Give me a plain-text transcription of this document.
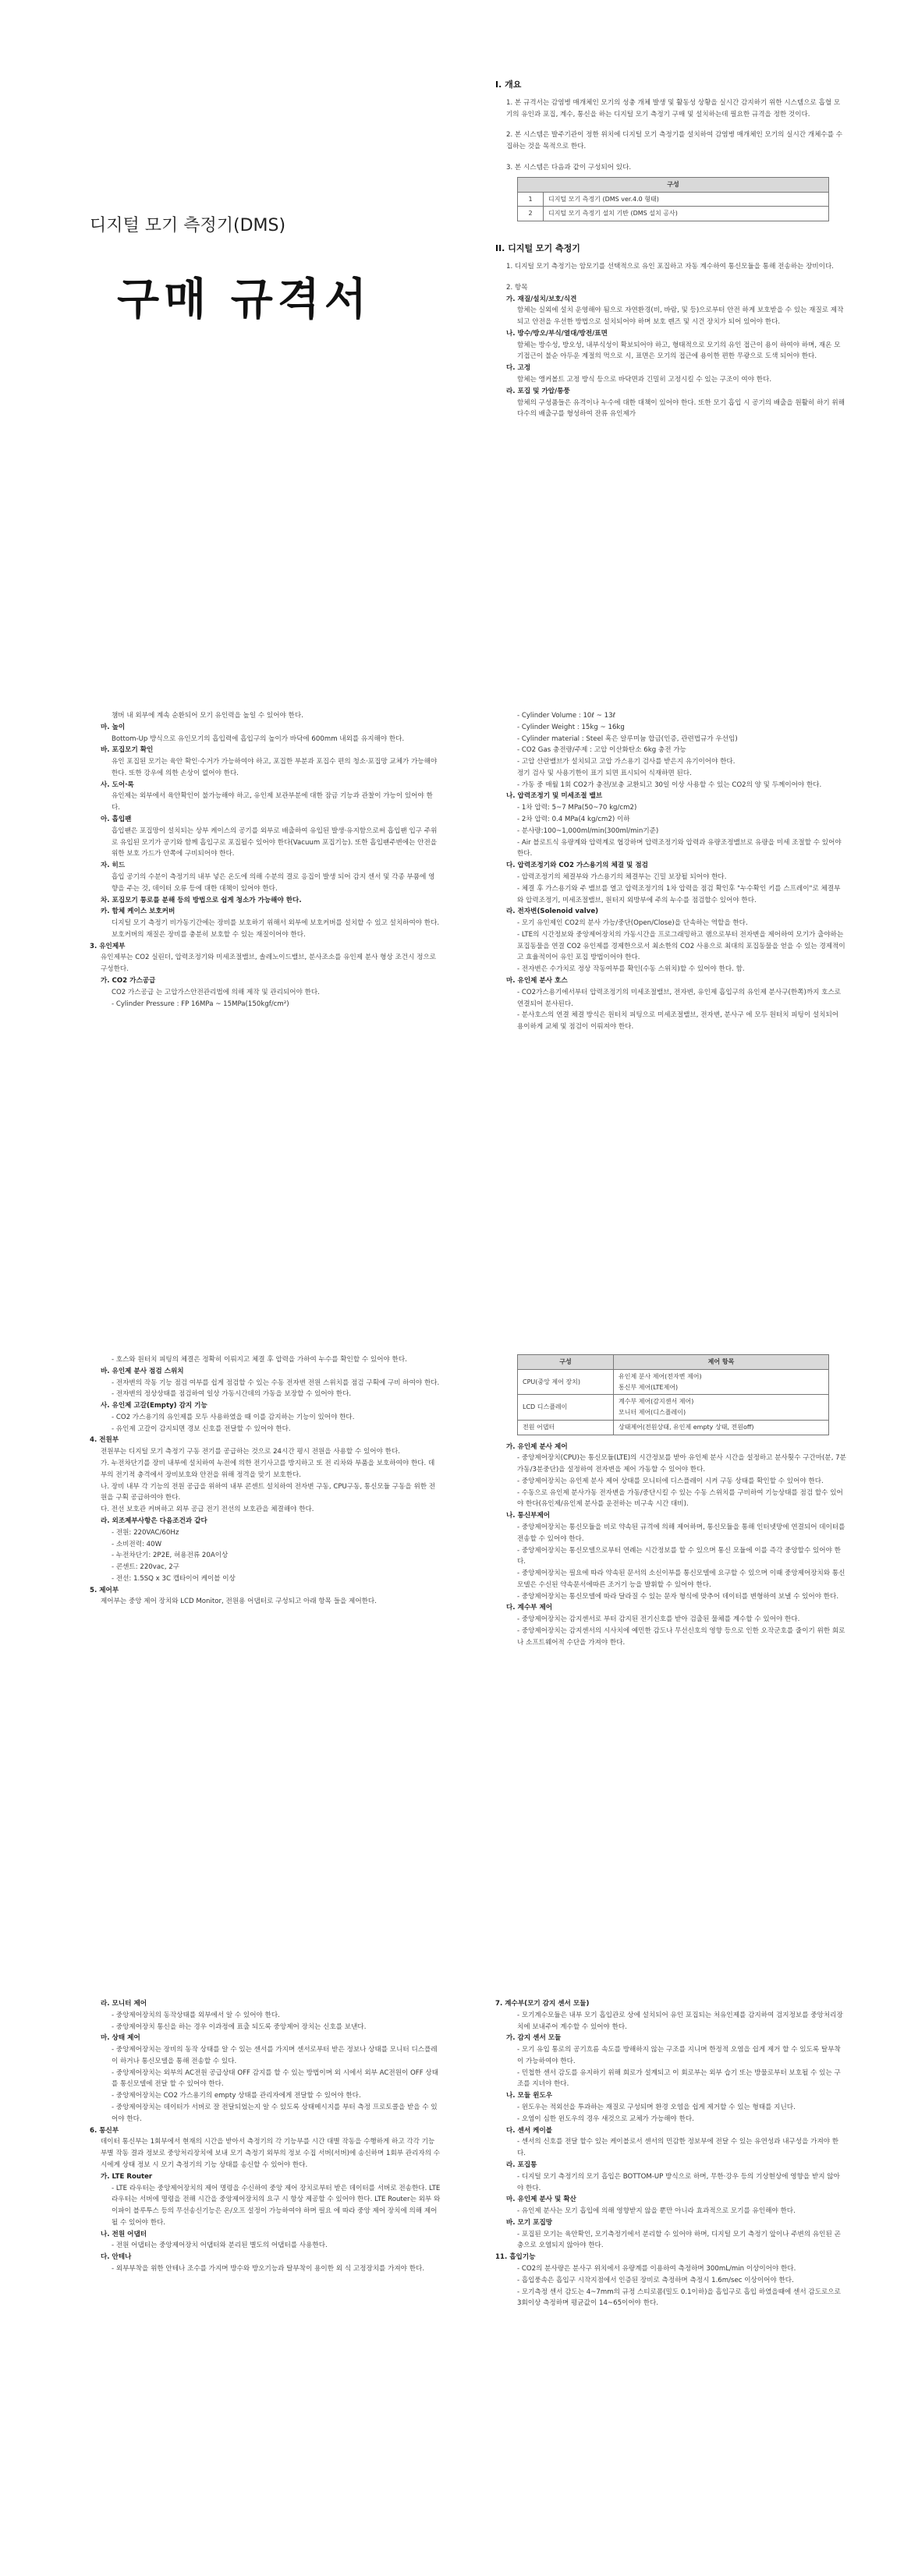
디지털 모기 측정기(DMS)
구매 규격서

I. 개요

1. 본 규격서는 감염병 매개체인 모기의 성충 개체 발생 및 활동성 상황을 실시간 감지하기 위한 시스템으로 흡혈 모기의 유인과 포집, 계수, 통신을 하는 디지털 모기 측정기 구매 및 설치하는데 필요한 규격을 정한 것이다.

2. 본 시스템은 발주기관이 정한 위치에 디지털 모기 측정기를 설치하여 감염병 매개체인 모기의 실시간 개체수를 수집하는 것을 목적으로 한다.

3. 본 시스템은 다음과 같이 구성되어 있다.

구성	
1	디지털 모기 측정기 (DMS ver.4.0 형태)
2	디지털 모기 측정기 설치 기반 (DMS 설치 공사)

II. 디지털 모기 측정기

1. 디지털 모기 측정기는 암모기를 선택적으로 유인 포집하고 자동 계수하여 통신모듈을 통해 전송하는 장비이다.

2. 항목

가. 재질/설치/보호/식견

함체는 실외에 설치 운영해야 됨으로 자연환경(비, 바람, 및 등)으로부터 안전 하게 보호받을 수 있는 재질로 제작되고 안전을 우선한 방법으로 설치되어야 하며 보호 렌즈 및 시건 장치가 되어 있어야 한다.

나. 방수/방오/부식/열대/방전/표면

함체는 방수성, 방오성, 내부식성이 확보되어야 하고, 형태적으로 모기의 유인 접근이 용이 하여야 하며, 재온 모기접근이 불순 아두운 계절의 먹으로 시, 표면은 모기의 접근에 용이한 편한 무광으로 도색 되어야 한다.

다. 고정

함체는 앵커볼트 고정 방식 등으로 바닥면과 긴밀히 고정시킬 수 있는 구조이 여야 한다.

라. 포집 및 가압/통풍

함체의 구성품들은 유격이나 누수에 대한 대책이 있어야 한다. 또한 모기 흡입 시 공기의 배출을 원활히 하기 위해 다수의 배출구를 형성하여 잔류 유인제가

챔버 내 외부에 계속 순환되어 모기 유인력을 높일 수 있어야 한다.

마. 높이

Bottom-Up 방식으로 유인모기의 흡입력에 흡입구의 높이가 바닥에 600mm 내외를 유지해야 한다.

바. 포집모기 확인

유인 포집된 모기는 육안 확인·수거가 가능하여야 하고, 포집한 부분과 포집수 편의 청소·포집망 교체가 가능해야 한다. 또한 강우에 의한 손상이 없어야 한다.

사. 도어·록

유인제는 외부에서 육안확인이 불가능해야 하고, 유인제 보관부분에 대한 잠금 기능과 관찰이 가능이 있어야 한다.

아. 흡입팬

흡입팬은 포집망이 설치되는 상부 케이스의 공기를 외부로 배출하여 유입된 발생·유지함으로써 흡입팬 입구 주위로 유입된 모기가 공기와 함께 흡입구로 포집될수 있어야 한다(Vacuum 포집기능). 또한 흡입팬주변에는 안전을 위한 보호 가드가 안쪽에 구비되어야 한다.

자. 히드

흡입 공기의 수분이 측정기의 내부 넣은 온도에 의해 수분의 결로 응집이 발생 되어 감지 센서 및 각종 부품에 영향을 주는 것, 데이터 오류 등에 대한 대책이 있어야 한다.

차. 포집모기 통로를 분해 등의 방법으로 쉽게 청소가 가능해야 한다.

카. 함체 케이스 보호커버

디지털 모기 측정기 비가동기간에는 장비를 보호하기 위해서 외부에 보호커버를 설치할 수 있고 설치하여야 한다. 보호커버의 재질은 장비를 충분히 보호할 수 있는 재질이어야 한다.

3. 유인제부

유인제부는 CO2 실린더, 압력조정기와 미세조절밸브, 솔레노이드밸브, 분사조소를 유인제 분사 형상 조건시 정으로 구성한다.

가. CO2 가스공급

CO2 가스공급 는 고압가스안전관리법에 의해 제작 및 관리되어야 한다.

- Cylinder Pressure : FP 16MPa ~ 15MPa(150kgf/cm²)

- Cylinder Volume : 10ℓ ~ 13ℓ

- Cylinder Weight : 15kg ~ 16kg

- Cylinder material : Steel 혹은 알루미늄 합금(인증, 관련법규가 우선임)

- CO2 Gas 충전량/주제 : 고압 이산화탄소 6kg 충전 가능

- 고압 산란밸브가 설치되고 고압 가스용기 검사를 받은지 유기이어야 한다.

정기 검사 및 사용기한이 표기 되면 표시되어 식재하면 된다.

- 가동 중 매월 1회 CO2가 충전/보충 교환되고 30일 이상 사용할 수 있는 CO2의 양 및 두께이어야 한다.

나. 압력조정기 및 미세조절 밸브

- 1차 압력: 5~7 MPa(50~70 kg/cm2)

- 2차 압력: 0.4 MPa(4 kg/cm2) 이하

- 분사량:100~1,000ml/min(300ml/min기준)

- Air 블로트식 유량계와 압력계로 협강하며 압력조정기와 압력과 유량조정밸브로 유량을 미세 조절할 수 있어야 한다.

다. 압력조정기와 CO2 가스용기의 체결 및 점검

- 압력조정기의 체결부와 가스용기의 체결부는 긴밀 보장될 되어야 한다.

- 체결 후 가스용기와 주 밸브를 열고 압력조정기의 1차 압력을 점검 확인후 "누수확인 키를 스프레이"로 체결부와 압력조정기, 미세조절밸브, 원터지 외방부에 주의 누수를 점검할수 있어야 한다.

라. 전자변(Solenoid valve)

- 모기 유인제인 CO2의 분사 가능/중단(Open/Close)을 단속하는 역할을 한다.

- LTE의 시간정보와 중앙제어장치의 가동시간을 프로그래밍하고 램으로부터 전자변을 제어하여 모기가 출야하는 포집동물을 연결 CO2 유인제를 경제한으로서 최소한의 CO2 사용으로 최대의 포집동물을 얻을 수 있는 경제적이고 효율적이어 유인 포집 방법이어야 한다.

- 전자변은 수가치로 정상 작동여부를 확인(수동 스위치)할 수 있어야 한다. 함.

마. 유인제 분사 호스

- CO2가스용기에서부터 압력조정기의 미세조절밸브, 전자변, 유인제 흡입구의 유인제 분사구(한쪽)까지 호스로 연결되어 분사된다.

- 분사호스의 연결 체결 방식은 원터치 피팅으로 미세조절밸브, 전자변, 분사구 에 모두 원터치 피팅이 설치되어 용이하게 교체 및 점검이 이뤄져야 한다.

- 호스와 원터치 피팅의 체결은 정확히 이뤄지고 체결 후 압력을 가하여 누수를 확인할 수 있어야 한다.

바. 유인제 분사 점검 스위치

- 전자변의 작동 기능 점검 여부를 쉽게 점검할 수 있는 수동 전자변 전원 스위치를 점검 구획에 구비 하여야 한다.

- 전자변의 정상상태를 점검하여 일상 가동시간데의 가동을 보장할 수 있어야 한다.

사. 유인제 고갈(Empty) 감지 기능

- CO2 가스용기의 유인제를 모두 사용하였을 때 이를 감지하는 기능이 있어야 한다.

- 유인제 고갈이 감지되면 경보 신호를 전달할 수 있어야 한다.

4. 전원부

전원부는 디지털 모기 측정기 구동 전기를 공급하는 것으로 24시간 평시 전원을 사용할 수 있어야 한다.

가. 누전차단기를 장비 내부에 설치하여 누전에 의한 전기사고를 방지하고 또 전 리차와 부품을 보호하여야 한다. 데부의 전기적 충격에서 장비보호와 안전을 위해 정격을 맞기 보호한다.

나. 장비 내부 각 기능의 전원 공급을 위하여 내부 콘센트 설치하여 전자변 구동, CPU구동, 통신모듈 구동을 위한 전원을 구획 공급하여야 한다.

다. 전선 보호관 커버하고 외부 공급 전기 전선의 보호관을 체결해야 한다.

라. 외조제부사항은 다음조건과 같다

- 전원: 220VAC/60Hz

- 소비전력: 40W

- 누전차단기: 2P2E, 허용전류 20A이상

- 콘센트: 220vac, 2구

- 전선: 1.5SQ x 3C 캡타이어 케이블 이상

5. 제어부

제어부는 중앙 제어 장치와 LCD Monitor, 전원용 어댑터로 구성되고 아래 항목 들을 제어한다.

구성	제어 항목
CPU(중앙 제어 장치)	유인제 분사 제어(전자변 제어)
통신부 제어(LTE제어)

LCD 디스플레이	계수부 제어(감지센서 제어)
모니터 제어(디스플레이)

전원 어댑터	상태제어(전원상태, 유인제 empty 상태, 전원off)

가. 유인제 분사 제어

- 중앙제어장치(CPU)는 통신모듈(LTE)의 시간정보를 받아 유인제 분사 시간을 설정하고 분사횟수 구간마(분, 7분가동/3분중단)을 설정하여 전자변을 제어 가동할 수 있어야 한다.

- 중앙제어장치는 유인제 분사 제어 상태를 모니터에 디스플레이 시켜 구동 상태를 확인할 수 있어야 한다.

- 수동으로 유인제 분사가동 전자변을 가동/중단시킬 수 있는 수동 스위치를 구비하여 기능상태를 점검 할수 있어야 한다(유인제/유인제 분사를 운전하는 비구속 시간 대비).

나. 통신부제어

- 중앙제어장치는 통신모듈을 비로 약속된 규격에 의해 제어하며, 통신모듈을 통해 인터넷망에 연결되어 데이터를 전송할 수 있어야 한다.

- 중앙제어장치는 통신모델으로부터 연례는 시간정보를 할 수 있으며 통신 모듈에 이를 즉각 중앙할수 있어야 한다.

- 중앙제어장치는 필요에 따라 약속된 문서의 소신이부를 통신모델에 요구할 수 있으며 이때 중앙제어장치와 통신모델은 수신된 약속문서에따른 조거기 능을 발휘할 수 있어야 한다.

- 중앙제어장치는 통신모델에 따라 달라질 수 있는 문자 형식에 맞추어 데이터를 변형하여 보낼 수 있어야 한다.

다. 계수부 제어

- 중앙제어장치는 감지센서로 부터 감지된 전기신호를 받아 검출된 물체를 계수할 수 있어야 한다.

- 중앙제어장치는 감지센서의 시사치에 예민한 감도나 무선신호의 영향 등으로 인한 오작군호를 줄이기 위한 회로나 소프트웨어적 수단을 가져야 한다.

라. 모니터 제어

- 중앙제어장치의 동작상태를 외부에서 알 수 있어야 한다.

- 중앙제어장치 통신을 하는 경우 이과정에 표출 되도록 중앙제어 장치는 신호를 보낸다.

마. 상태 제어

- 중앙제어장치는 장비의 동작 상태를 알 수 있는 센서를 가지며 센서로부터 받은 정보나 상태를 모니터 디스플레이 하거나 통신모델을 통해 전송할 수 있다.

- 중앙제어장치는 외부의 AC전원 공급상태 OFF 감지를 할 수 있는 방법이며 외 시에서 외부 AC전원이 OFF 상태를 통신모델에 전달 할 수 있어야 한다.

- 중앙제어장치는 CO2 가스용기의 empty 상태를 관리자에게 전달할 수 있어야 한다.

- 중앙제어장치는 데이터가 서버로 잘 전달되었는지 알 수 있도록 상태메시지를 부터 측정 프로토콜을 받을 수 있어야 한다.

6. 통신부

데이터 통신부는 1회부에서 현재의 시간을 받아서 측정기의 각 기능부를 시간 대별 작동을 수행하게 하고 각각 기능부별 작동 결과 정보로 중앙처리장치에 보내 모기 측정기 외부의 정보 수집 서버(서버)에 송신하며 1회부 관리자의 수 시에게 상태 정보 시 모기 측정기의 기능 상태를 송신할 수 있어야 한다.

가. LTE Router

- LTE 라우터는 중앙제어장치의 제어 명령을 수신하여 중앙 제어 장치로부터 받은 데이터를 서버로 전송한다. LTE 라우터는 서버에 명령을 전해 시간을 중앙제어장치의 요구 시 항상 제공할 수 있어야 한다. LTE Router는 외부 와이파이 블루투스 등의 무선송신기능은 온/오프 설정이 가능하여야 하며 필요 에 따라 중앙 제어 장치에 의해 제어될 수 있어야 한다.

나. 전원 어댑터

- 전원 어댑터는 중앙제어장치 어댑터와 분리된 별도의 어댑터를 사용한다.

다. 안테나

- 외부부착을 위한 안테나 조수를 가지며 방수와 방오기능과 탈부착이 용이한 외 식 고정장치를 가져야 한다.

7. 계수부(모기 감지 센서 모듈)

- 모기계수모듈은 내부 모기 흡입관로 상에 설치되어 유인 포집되는 처유인제를 감지하여 검지정보를 중앙처리장치에 보내주어 계수할 수 있어야 한다.

가. 감지 센서 모듈

- 모기 유입 통로의 공기흐름 속도를 방해하지 않는 구조를 지니며 한정적 오염을 쉽게 제거 할 수 있도록 탈부착이 가능하여야 한다.

- 민첩한 센서 감도를 유지하기 위해 회로가 설계되고 이 회로부는 외부 습기 또는 방물로부터 보호될 수 있는 구조를 지녀야 한다.

나. 모듈 윈도우

- 윈도우는 적외선을 투과하는 재질로 구성되며 환경 오염을 쉽게 제거할 수 있는 형태를 지닌다.

- 오염이 심한 윈도우의 경우 새것으로 교체가 가능해야 한다.

다. 센서 케이블

- 센서의 신호를 전달 할수 있는 케이블로서 센서의 민감한 정보부에 전달 수 있는 유연성과 내구성을 가져야 한다.

라. 포집통

- 디지털 모기 측정기의 모기 흡입은 BOTTOM-UP 방식으로 하며, 무한·강우 등의 기상현상에 영향을 받지 않아야 한다.

마. 유인제 분사 및 확산

- 유인제 분사는 모기 흡입에 의해 영향받지 않을 뿐만 아니라 효과적으로 모기를 유인해야 한다.

바. 모기 포집망

- 포집된 모기는 육안확인, 모기측정기에서 분리할 수 있어야 하며, 디지털 모기 측정기 앞이나 주변의 유인된 곤충으로 오염되지 않아야 한다.

11. 흡입기능

- CO2의 분사량은 분사구 위치에서 유량계를 이용하여 측정하며 300mL/min 이상이어야 한다.

- 흡입풍속은 흡입구 시작지점에서 인증된 장비로 측정하며 측정시 1.6m/sec 이상이어야 한다.

- 모기측정 센서 감도는 4~7mm의 규정 스티로폼(밀도 0.1이하)을 흡입구로 흡입 하였을때에 센서 감도로으로 3회이상 측정하며 평균값이 14~65이어야 한다.
